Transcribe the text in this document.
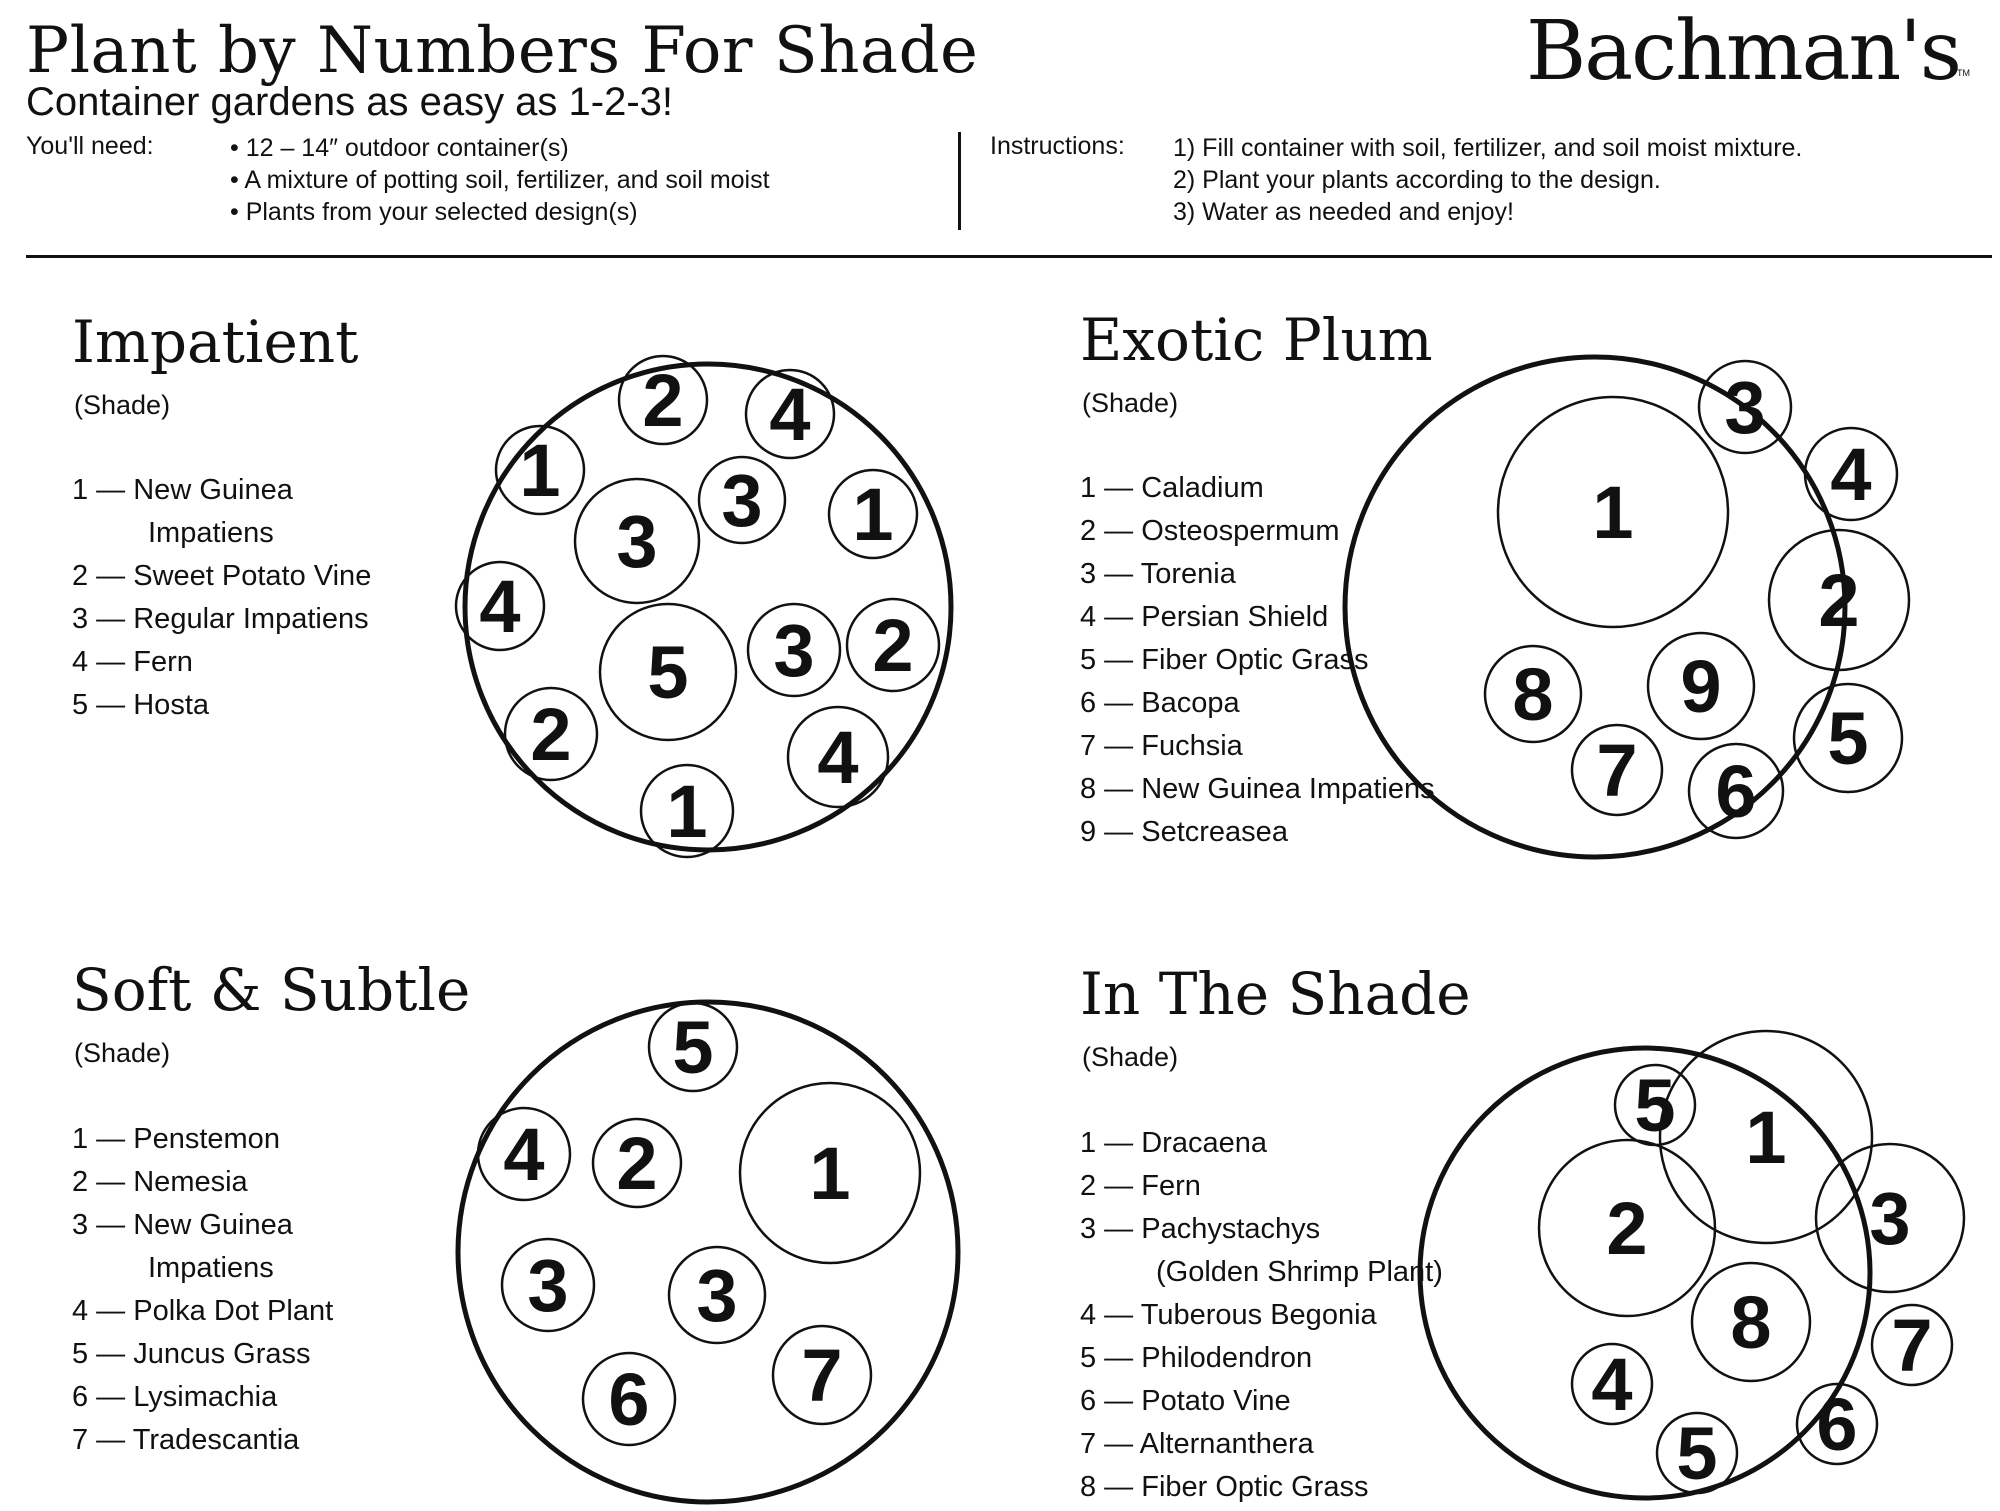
Plant by Numbers For Shade
Container gardens as easy as 1-2-3!
Bachman's
TM
You'll need:	• 12 – 14″ outdoor container(s)
• A mixture of potting soil, fertilizer, and soil moist
• Plants from your selected design(s)
Instructions: 1) Fill container with soil, fertilizer, and soil moist mixture.
2) Plant your plants according to the design.
3) Water as needed and enjoy!
Impatient
(Shade)
1 — New Guinea
Impatiens
2 — Sweet Potato Vine
3 — Regular Impatiens
4 — Fern
5 — Hosta
Exotic Plum
(Shade)
1 — Caladium
2 — Osteospermum
3 — Torenia
4 — Persian Shield
5 — Fiber Optic Grass
6 — Bacopa
7 — Fuchsia
8 — New Guinea Impatiens
9 — Setcreasea
Soft & Subtle
(Shade)
1 — Penstemon
2 — Nemesia
3 — New Guinea
Impatiens
4 — Polka Dot Plant
5 — Juncus Grass
6 — Lysimachia
7 — Tradescantia
In The Shade
(Shade)
1 — Dracaena
2 — Fern
3 — Pachystachys
(Golden Shrimp Plant)
4 — Tuberous Begonia
5 — Philodendron
6 — Potato Vine
7 — Alternanthera
8 — Fiber Optic Grass
2 4
1 3
3	1
4
5 3 2
2	4
1
3
1	4
2
8 9
7 6
5
5
4 2 1
3 3
6 7
5 1
2	3
8 7
4 6
5
